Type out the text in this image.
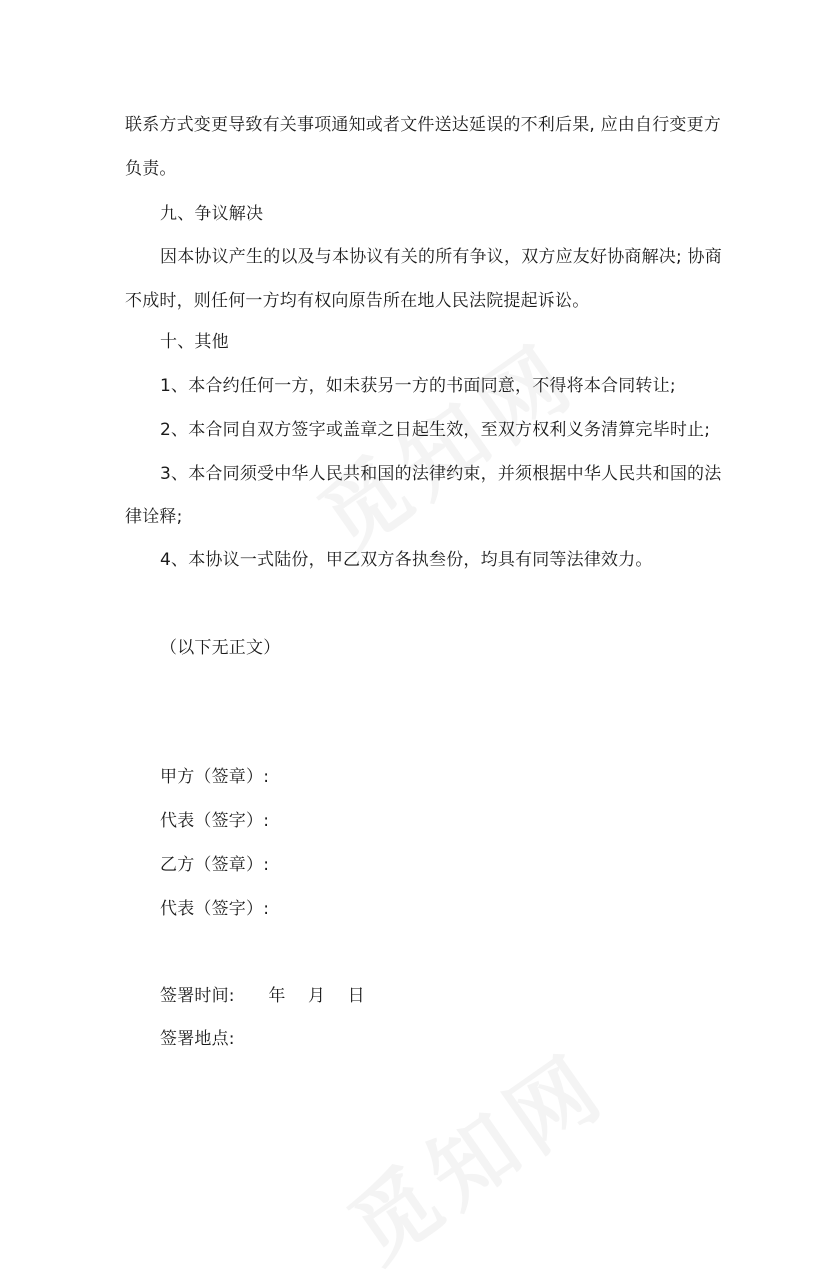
联系方式变更导致有关事项通知或者文件送达延误的不利后果, 应由自行变更方
负责。
九、争议解决
因本协议产生的以及与本协议有关的所有争议，双方应友好协商解决; 协商
不成时，则任何一方均有权向原告所在地人民法院提起诉讼。
十、其他
1、本合约任何一方，如未获另一方的书面同意，不得将本合同转让;
2、本合同自双方签字或盖章之日起生效，至双方权利义务清算完毕时止;
3、本合同须受中华人民共和国的法律约束，并须根据中华人民共和国的法
律诠释;
4、本协议一式陆份，甲乙双方各执叁份，均具有同等法律效力。
（以下无正文）
甲方（签章）:
代表（签字）:
乙方（签章）:
代表（签字）:
签署时间:      年    月    日
签署地点:
